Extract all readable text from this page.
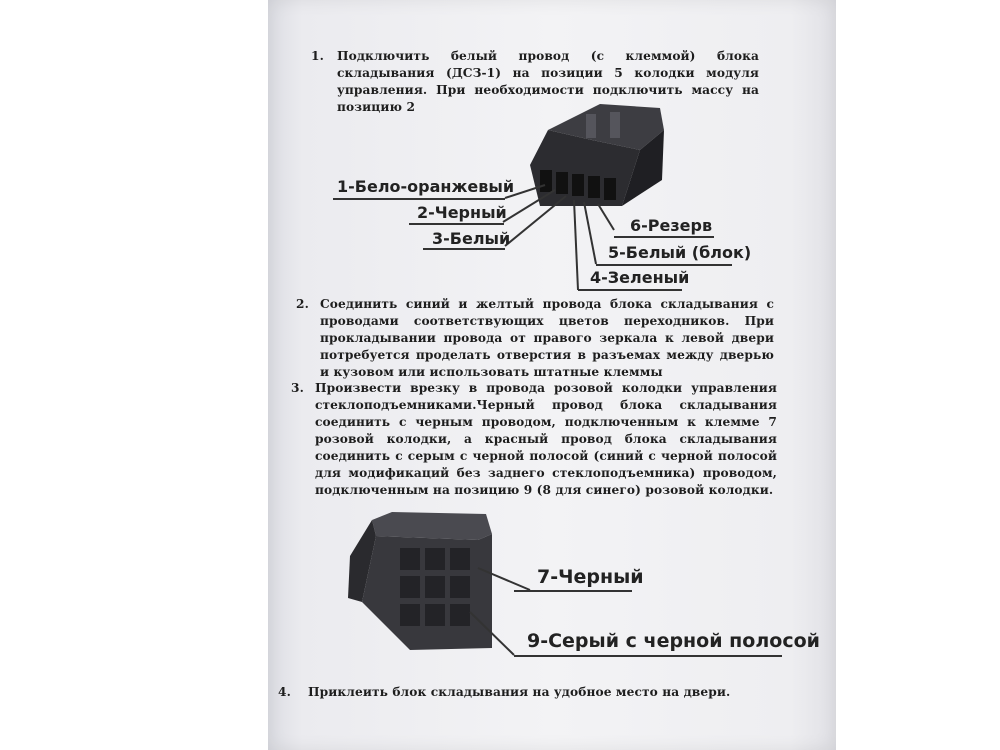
1. Подключить белый провод (с клеммой) блока складывания (ДСЗ-1) на позиции 5 колодки модуля управления. При необходимости подключить массу на позицию 2
1-Бело-оранжевый
2-Черный
3-Белый
6-Резерв
5-Белый (блок)
4-Зеленый
2. Соединить синий и желтый провода блока складывания с проводами соответствующих цветов переходников. При прокладывании провода от правого зеркала к левой двери потребуется проделать отверстия в разъемах между дверью и кузовом или использовать штатные клеммы
3. Произвести врезку в провода розовой колодки управления стеклоподъемниками.Черный провод блока складывания соединить с черным проводом, подключенным к клемме 7 розовой колодки, а красный провод блока складывания соединить с серым с черной полосой (синий с черной полосой для модификаций без заднего стеклоподъемника) проводом, подключенным на позицию 9 (8 для синего) розовой колодки.
7-Черный
9-Серый с черной полосой
4. Приклеить блок складывания на удобное место на двери.
